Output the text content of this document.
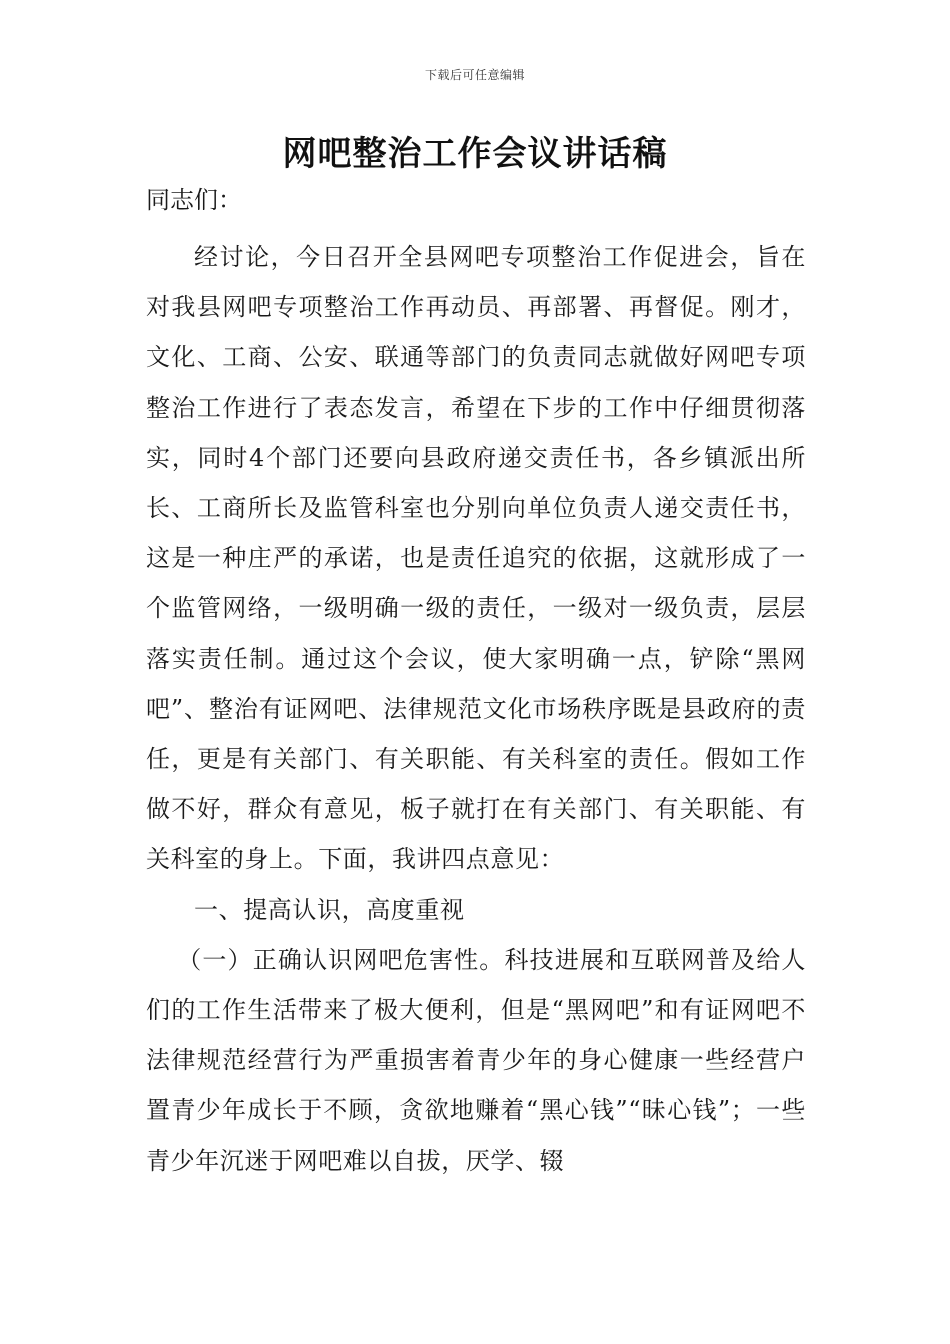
下载后可任意编辑
网吧整治工作会议讲话稿
同志们：

经讨论，今日召开全县网吧专项整治工作促进会，旨在对我县网吧专项整治工作再动员、再部署、再督促。刚才，文化、工商、公安、联通等部门的负责同志就做好网吧专项整治工作进行了表态发言，希望在下步的工作中仔细贯彻落实，同时4个部门还要向县政府递交责任书，各乡镇派出所长、工商所长及监管科室也分别向单位负责人递交责任书，这是一种庄严的承诺，也是责任追究的依据，这就形成了一个监管网络，一级明确一级的责任，一级对一级负责，层层落实责任制。通过这个会议，使大家明确一点，铲除“黑网吧”、整治有证网吧、法律规范文化市场秩序既是县政府的责任，更是有关部门、有关职能、有关科室的责任。假如工作做不好，群众有意见，板子就打在有关部门、有关职能、有关科室的身上。下面，我讲四点意见：

一、提高认识，高度重视

（一）正确认识网吧危害性。科技进展和互联网普及给人们的工作生活带来了极大便利，但是“黑网吧”和有证网吧不法律规范经营行为严重损害着青少年的身心健康一些经营户置青少年成长于不顾，贪欲地赚着“黑心钱”“昧心钱”；一些青少年沉迷于网吧难以自拔，厌学、辍
